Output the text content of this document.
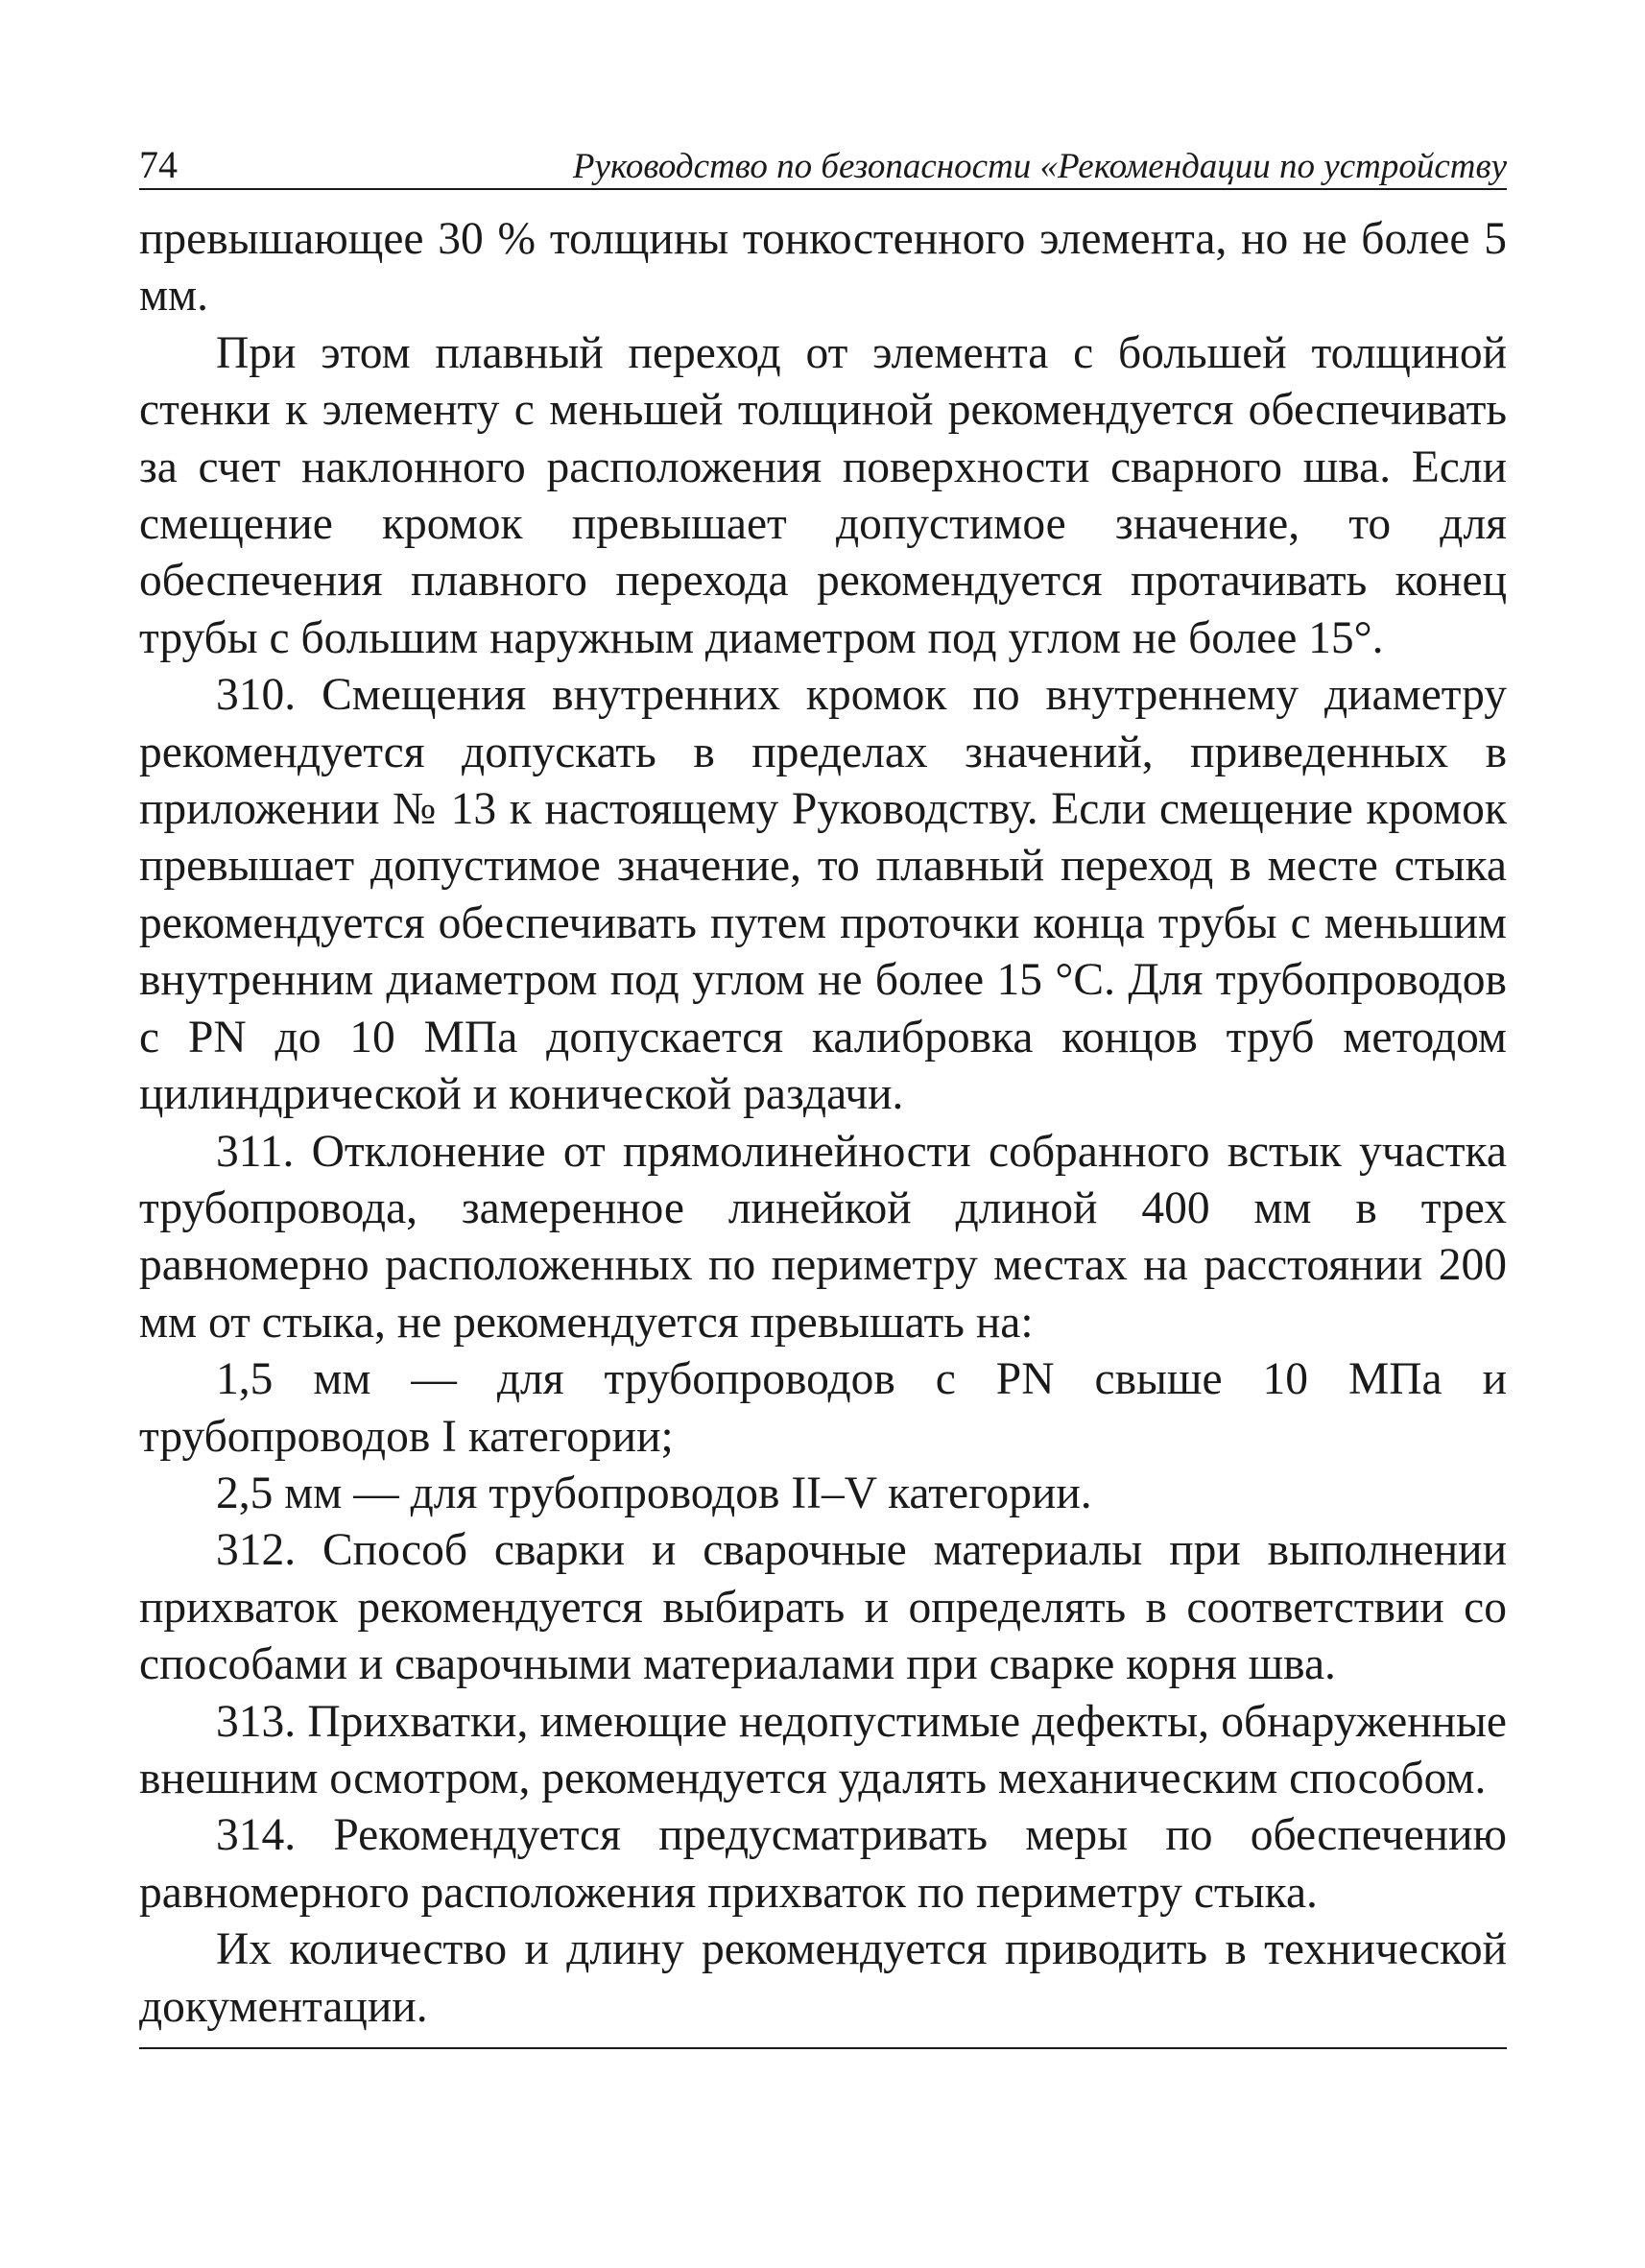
74	Руководство по безопасности «Рекомендации по устройству

превышающее 30 % толщины тонкостенного элемента, но не более 5 мм.

При этом плавный переход от элемента с большей толщиной стенки к элементу с меньшей толщиной рекомендуется обеспечивать за счет наклонного расположения поверхности сварного шва. Если смещение кромок превышает допустимое значение, то для обеспечения плавного перехода рекомендуется протачивать конец трубы с большим наружным диаметром под углом не более 15°.

310. Смещения внутренних кромок по внутреннему диаметру рекомендуется допускать в пределах значений, приведенных в приложении № 13 к настоящему Руководству. Если смещение кромок превышает допустимое значение, то плавный переход в месте стыка рекомендуется обеспечивать путем проточки конца трубы с меньшим внутренним диаметром под углом не более 15 °С. Для трубопроводов с PN до 10 МПа допускается калибровка концов труб методом цилиндрической и конической раздачи.

311. Отклонение от прямолинейности собранного встык участка трубопровода, замеренное линейкой длиной 400 мм в трех равномерно расположенных по периметру местах на расстоянии 200 мм от стыка, не рекомендуется превышать на:

1,5 мм — для трубопроводов с PN свыше 10 МПа и трубопроводов I категории;

2,5 мм — для трубопроводов II–V категории.

312. Способ сварки и сварочные материалы при выполнении прихваток рекомендуется выбирать и определять в соответствии со способами и сварочными материалами при сварке корня шва.

313. Прихватки, имеющие недопустимые дефекты, обнаруженные внешним осмотром, рекомендуется удалять механическим способом.

314. Рекомендуется предусматривать меры по обеспечению равномерного расположения прихваток по периметру стыка.

Их количество и длину рекомендуется приводить в технической документации.
